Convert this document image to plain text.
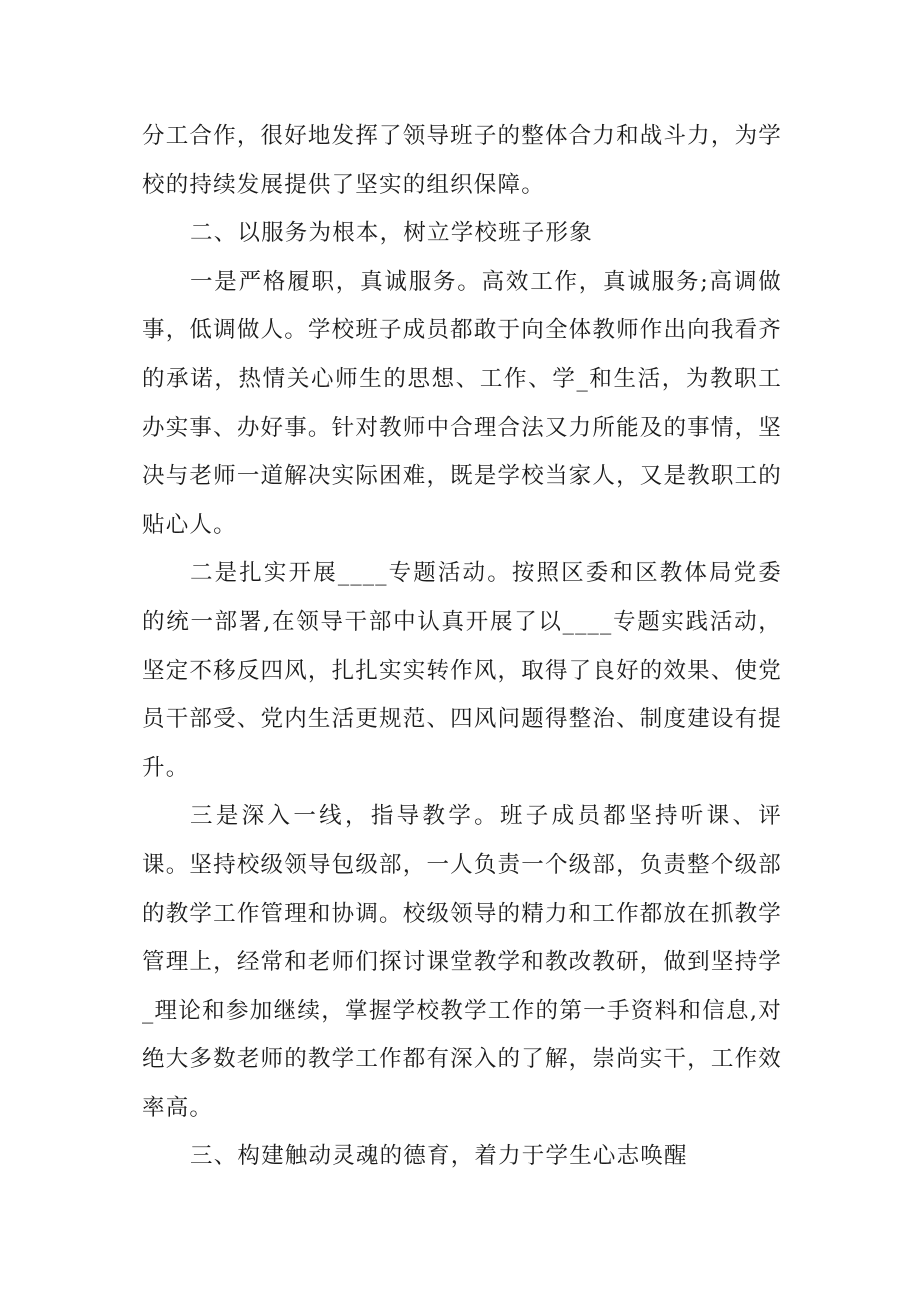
分工合作，很好地发挥了领导班子的整体合力和战斗力，为学校的持续发展提供了坚实的组织保障。

二、以服务为根本，树立学校班子形象

一是严格履职，真诚服务。高效工作，真诚服务;高调做事，低调做人。学校班子成员都敢于向全体教师作出向我看齐的承诺，热情关心师生的思想、工作、学_和生活，为教职工办实事、办好事。针对教师中合理合法又力所能及的事情，坚决与老师一道解决实际困难，既是学校当家人，又是教职工的贴心人。

二是扎实开展____专题活动。按照区委和区教体局党委的统一部署,在领导干部中认真开展了以____专题实践活动，坚定不移反四风，扎扎实实转作风，取得了良好的效果、使党员干部受、党内生活更规范、四风问题得整治、制度建设有提升。

三是深入一线，指导教学。班子成员都坚持听课、评课。坚持校级领导包级部，一人负责一个级部，负责整个级部的教学工作管理和协调。校级领导的精力和工作都放在抓教学管理上，经常和老师们探讨课堂教学和教改教研，做到坚持学_理论和参加继续，掌握学校教学工作的第一手资料和信息,对绝大多数老师的教学工作都有深入的了解，崇尚实干，工作效率高。

三、构建触动灵魂的德育，着力于学生心志唤醒
